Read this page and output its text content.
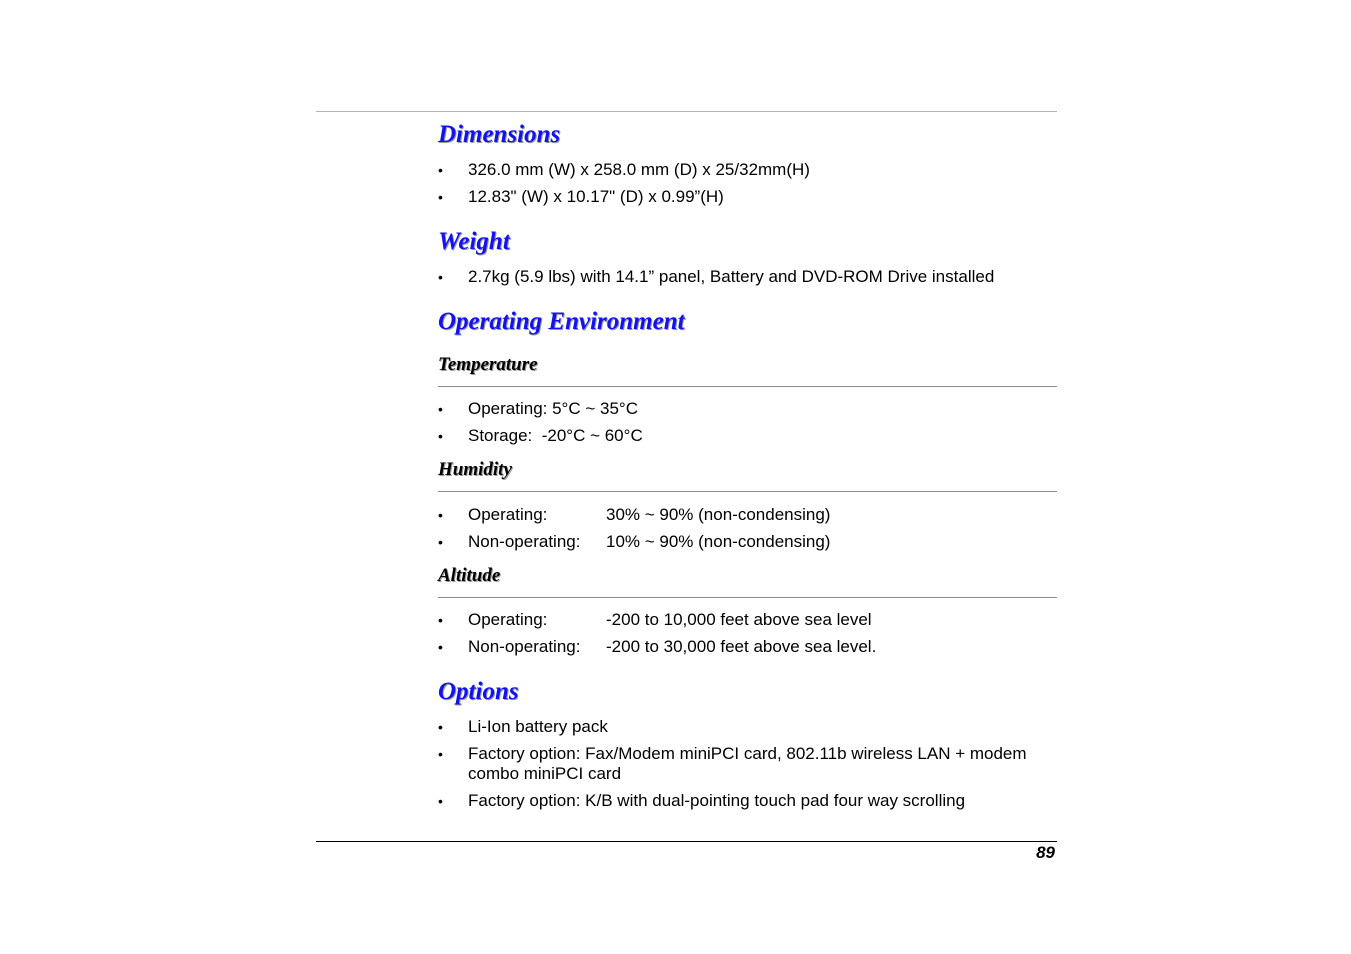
Dimensions
• 326.0 mm (W) x 258.0 mm (D) x 25/32mm(H)
• 12.83" (W) x 10.17" (D) x 0.99”(H)
Weight
• 2.7kg (5.9 lbs) with 14.1” panel, Battery and DVD-ROM Drive installed
Operating Environment
Temperature
• Operating: 5°C ~ 35°C
• Storage:  -20°C ~ 60°C
Humidity
• Operating:	30% ~ 90% (non-condensing)
• Non-operating: 10% ~ 90% (non-condensing)
Altitude
• Operating:	-200 to 10,000 feet above sea level
• Non-operating: -200 to 30,000 feet above sea level.
Options
• Li-Ion battery pack
• Factory option: Fax/Modem miniPCI card, 802.11b wireless LAN + modem combo miniPCI card
• Factory option: K/B with dual-pointing touch pad four way scrolling
89
